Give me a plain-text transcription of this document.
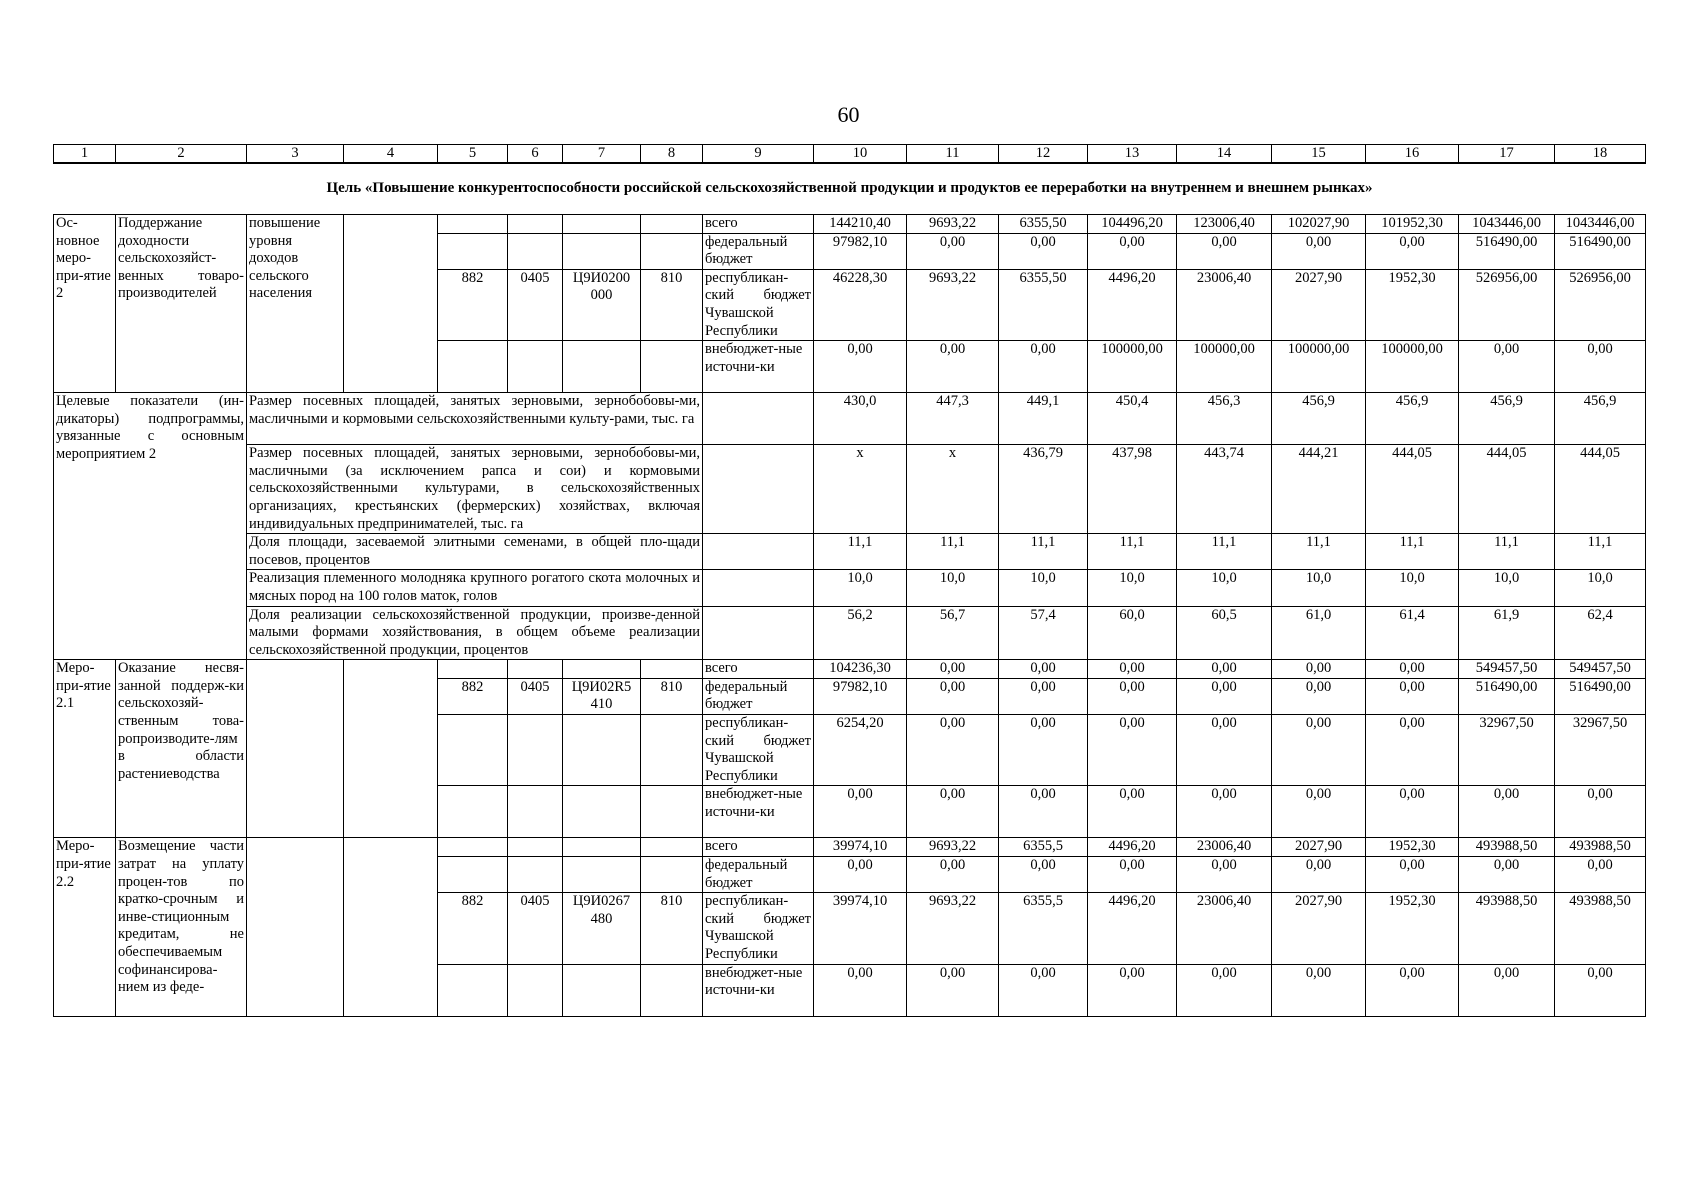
60
1	2	3	4	5	6	7	8	9	10	11	12	13	14	15	16	17	18
Цель «Повышение конкурентоспособности российской сельскохозяйственной продукции и продуктов ее переработки на внутреннем и внешнем рынках»																	
Ос-новное меро-при-ятие 2	Поддержание доходности сельскохозяйст-венных товаро-производителей	повышение уровня доходов сельского населения						всего	144210,40	9693,22	6355,50	104496,20	123006,40	102027,90	101952,30	1043446,00	1043446,00
								федеральный бюджет	97982,10	0,00	0,00	0,00	0,00	0,00	0,00	516490,00	516490,00
				882	0405	Ц9И0200 000	810	республикан-ский бюджет Чувашской Республики	46228,30	9693,22	6355,50	4496,20	23006,40	2027,90	1952,30	526956,00	526956,00
								внебюджет-ные источни-ки	0,00	0,00	0,00	100000,00	100000,00	100000,00	100000,00	0,00	0,00
Целевые показатели (ин-дикаторы) подпрограммы, увязанные с основным мероприятием 2		Размер посевных площадей, занятых зерновыми, зернобобовы-ми, масличными и кормовыми сельскохозяйственными культу-рами, тыс. га							430,0	447,3	449,1	450,4	456,3	456,9	456,9	456,9	456,9
		Размер посевных площадей, занятых зерновыми, зернобобовы-ми, масличными (за исключением рапса и сои) и кормовыми сельскохозяйственными культурами, в сельскохозяйственных организациях, крестьянских (фермерских) хозяйствах, включая индивидуальных предпринимателей, тыс. га							x	x	436,79	437,98	443,74	444,21	444,05	444,05	444,05
		Доля площади, засеваемой элитными семенами, в общей пло-щади посевов, процентов							11,1	11,1	11,1	11,1	11,1	11,1	11,1	11,1	11,1
		Реализация племенного молодняка крупного рогатого скота молочных и мясных пород на 100 голов маток, голов							10,0	10,0	10,0	10,0	10,0	10,0	10,0	10,0	10,0
		Доля реализации сельскохозяйственной продукции, произве-денной малыми формами хозяйствования, в общем объеме реализации сельскохозяйственной продукции, процентов							56,2	56,7	57,4	60,0	60,5	61,0	61,4	61,9	62,4
Меро-при-ятие 2.1	Оказание несвя-занной поддерж-ки сельскохозяй-ственным това-ропроизводите-лям в области растениеводства							всего	104236,30	0,00	0,00	0,00	0,00	0,00	0,00	549457,50	549457,50
				882	0405	Ц9И02R5 410	810	федеральный бюджет	97982,10	0,00	0,00	0,00	0,00	0,00	0,00	516490,00	516490,00
								республикан-ский бюджет Чувашской Республики	6254,20	0,00	0,00	0,00	0,00	0,00	0,00	32967,50	32967,50
								внебюджет-ные источни-ки	0,00	0,00	0,00	0,00	0,00	0,00	0,00	0,00	0,00
Меро-при-ятие 2.2	Возмещение части затрат на уплату процен-тов по кратко-срочным и инве-стиционным кредитам, не обеспечиваемым софинансирова-нием из феде-							всего	39974,10	9693,22	6355,5	4496,20	23006,40	2027,90	1952,30	493988,50	493988,50
								федеральный бюджет	0,00	0,00	0,00	0,00	0,00	0,00	0,00	0,00	0,00
				882	0405	Ц9И0267 480	810	республикан-ский бюджет Чувашской Республики	39974,10	9693,22	6355,5	4496,20	23006,40	2027,90	1952,30	493988,50	493988,50
								внебюджет-ные источни-ки	0,00	0,00	0,00	0,00	0,00	0,00	0,00	0,00	0,00
